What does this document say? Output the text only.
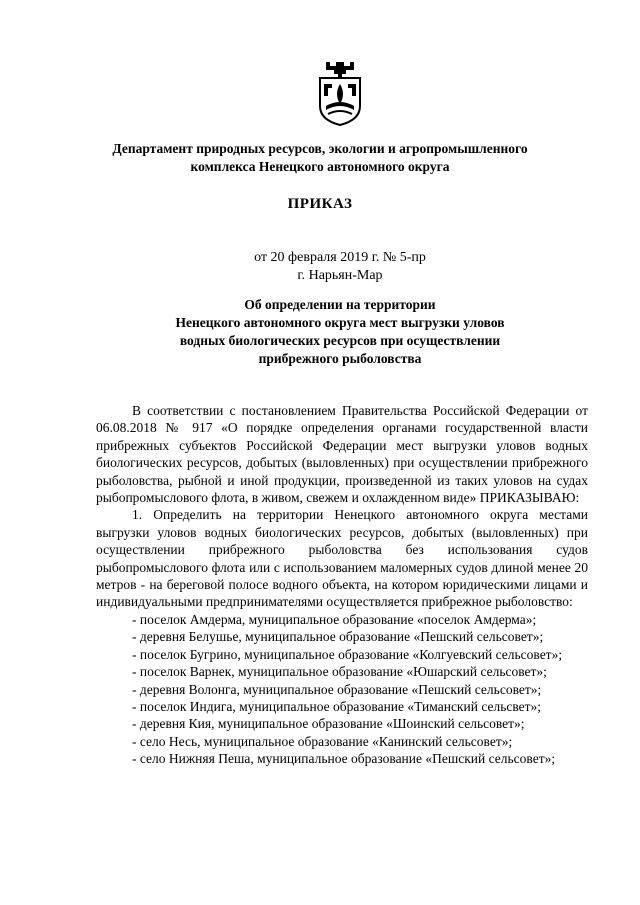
Департамент природных ресурсов, экологии и агропромышленного
комплекса Ненецкого автономного округа
ПРИКАЗ
от 20 февраля 2019 г. № 5-пр
г. Нарьян-Мар
Об определении на территории
Ненецкого автономного округа мест выгрузки уловов
водных биологических ресурсов при осуществлении
прибрежного рыболовства

В соответствии с постановлением Правительства Российской Федерации от 06.08.2018 № 917 «О порядке определения органами государственной власти прибрежных субъектов Российской Федерации мест выгрузки уловов водных биологических ресурсов, добытых (выловленных) при осуществлении прибрежного рыболовства, рыбной и иной продукции, произведенной из таких уловов на судах рыбопромыслового флота, в живом, свежем и охлажденном виде» ПРИКАЗЫВАЮ:

1. Определить на территории Ненецкого автономного округа местами выгрузки уловов водных биологических ресурсов, добытых (выловленных) при осуществлении прибрежного рыболовства без использования судов рыбопромыслового флота или с использованием маломерных судов длиной менее 20 метров - на береговой полосе водного объекта, на котором юридическими лицами и индивидуальными предпринимателями осуществляется прибрежное рыболовство:

- поселок Амдерма, муниципальное образование «поселок Амдерма»;

- деревня Белушье, муниципальное образование «Пешский сельсовет»;

- поселок Бугрино, муниципальное образование «Колгуевский сельсовет»;

- поселок Варнек, муниципальное образование «Юшарский сельсовет»;

- деревня Волонга, муниципальное образование «Пешский сельсовет»;

- поселок Индига, муниципальное образование «Тиманский сельсвет»;

- деревня Кия, муниципальное образование «Шоинский сельсовет»;

- село Несь, муниципальное образование «Канинский сельсовет»;

- село Нижняя Пеша, муниципальное образование «Пешский сельсовет»;
